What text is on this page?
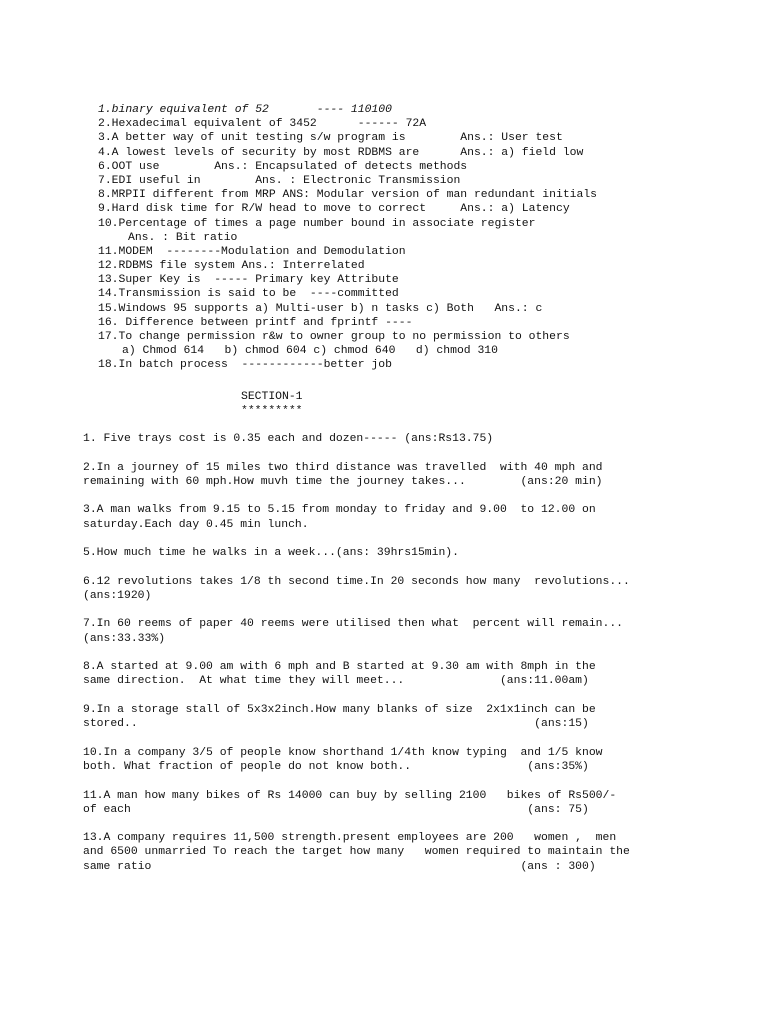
1.binary equivalent of 52       ---- 110100
2.Hexadecimal equivalent of 3452      ------ 72A
3.A better way of unit testing s/w program is        Ans.: User test
4.A lowest levels of security by most RDBMS are      Ans.: a) field low
6.OOT use        Ans.: Encapsulated of detects methods
7.EDI useful in        Ans. : Electronic Transmission
8.MRPII different from MRP ANS: Modular version of man redundant initials
9.Hard disk time for R/W head to move to correct     Ans.: a) Latency
10.Percentage of times a page number bound in associate register
Ans. : Bit ratio
11.MODEM  --------Modulation and Demodulation
12.RDBMS file system Ans.: Interrelated
13.Super Key is  ----- Primary key Attribute
14.Transmission is said to be  ----committed
15.Windows 95 supports a) Multi-user b) n tasks c) Both   Ans.: c
16. Difference between printf and fprintf ----
17.To change permission r&w to owner group to no permission to others
a) Chmod 614   b) chmod 604 c) chmod 640   d) chmod 310
18.In batch process  ------------better job
SECTION-1
*********
1. Five trays cost is 0.35 each and dozen----- (ans:Rs13.75)
2.In a journey of 15 miles two third distance was travelled  with 40 mph and
remaining with 60 mph.How muvh time the journey takes...        (ans:20 min)
3.A man walks from 9.15 to 5.15 from monday to friday and 9.00  to 12.00 on
saturday.Each day 0.45 min lunch.
5.How much time he walks in a week...(ans: 39hrs15min).
6.12 revolutions takes 1/8 th second time.In 20 seconds how many  revolutions...
(ans:1920)
7.In 60 reems of paper 40 reems were utilised then what  percent will remain...
(ans:33.33%)
8.A started at 9.00 am with 6 mph and B started at 9.30 am with 8mph in the
same direction.  At what time they will meet...              (ans:11.00am)
9.In a storage stall of 5x3x2inch.How many blanks of size  2x1x1inch can be
stored..                                                          (ans:15)
10.In a company 3/5 of people know shorthand 1/4th know typing  and 1/5 know
both. What fraction of people do not know both..                 (ans:35%)
11.A man how many bikes of Rs 14000 can buy by selling 2100   bikes of Rs500/-
of each                                                          (ans: 75)
13.A company requires 11,500 strength.present employees are 200   women ,  men
and 6500 unmarried To reach the target how many   women required to maintain the
same ratio                                                      (ans : 300)
